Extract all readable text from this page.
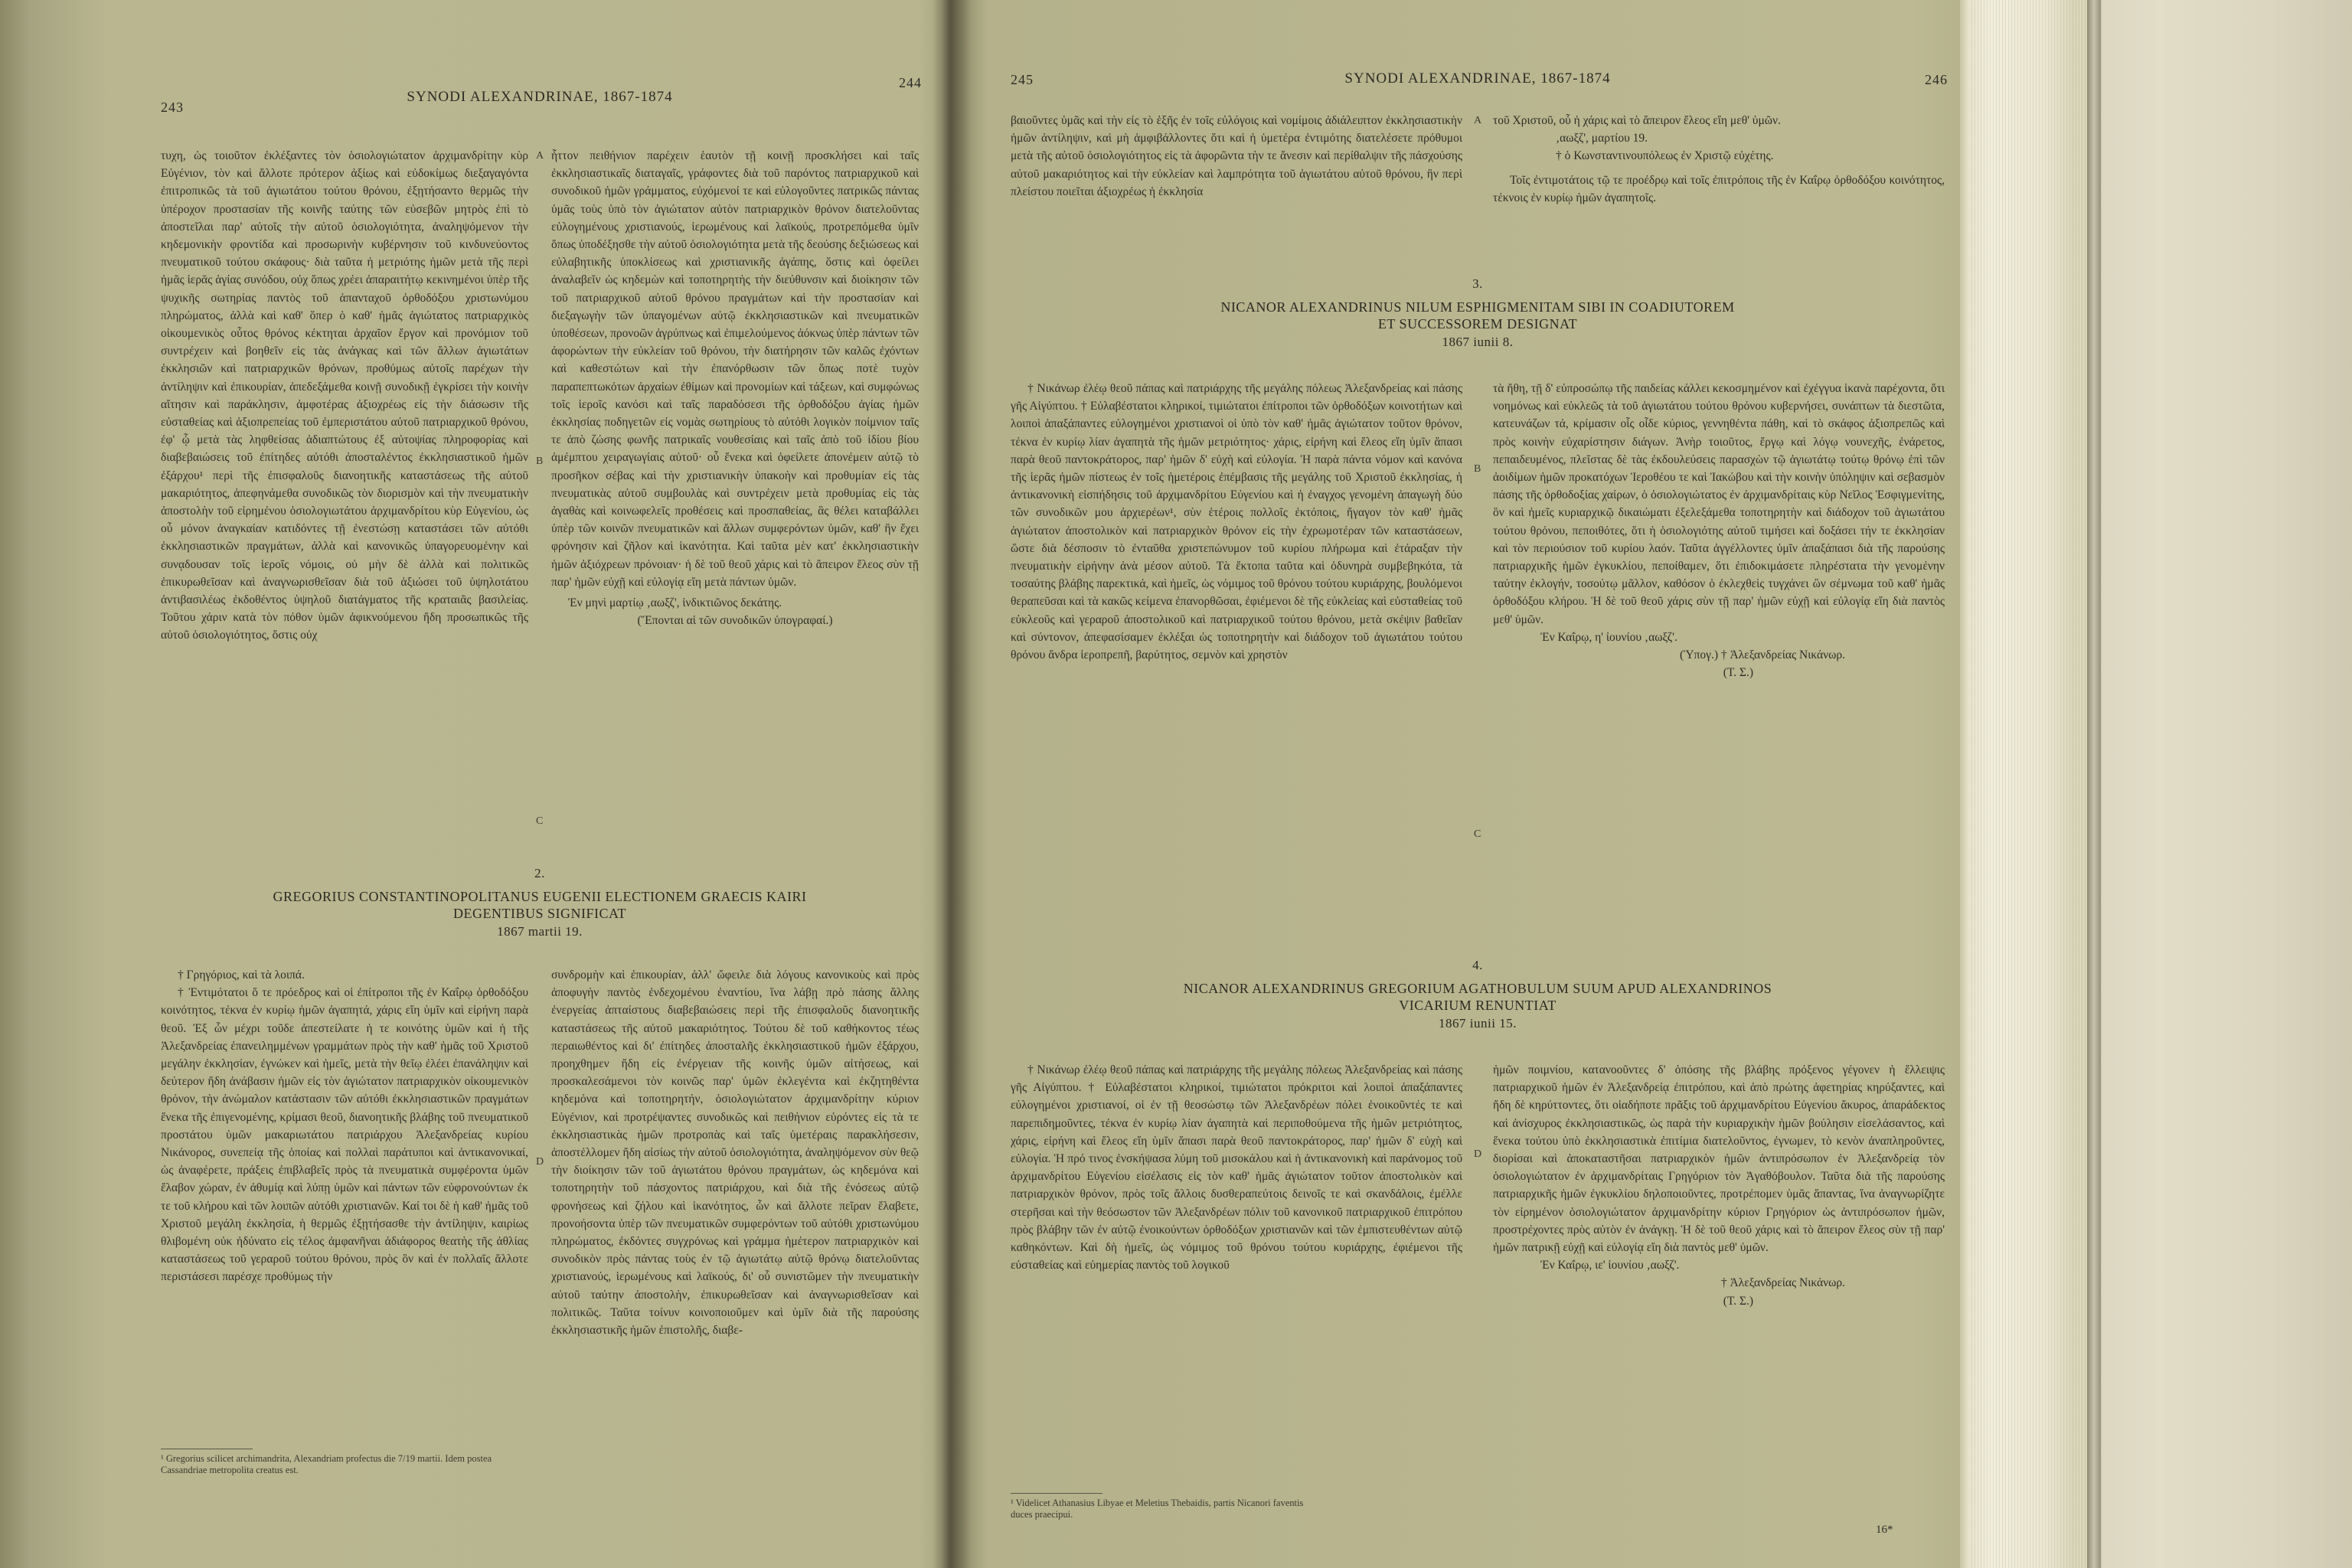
243
SYNODI ALEXANDRINAE, 1867-1874
244

τυχη, ὡς τοιοῦτον ἐκλέξαντες τὸν ὁσιολογιώτατον ἀρχιμανδρίτην κὺρ Εὐγένιον, τὸν καὶ ἄλλοτε πρότερον ἀξίως καὶ εὐδοκίμως διεξαγαγόντα ἐπιτροπικῶς τὰ τοῦ ἁγιωτάτου τούτου θρόνου, ἐξῃτήσαντο θερμῶς τὴν ὑπέροχον προστασίαν τῆς κοινῆς ταύτης τῶν εὐσεβῶν μητρὸς ἐπὶ τὸ ἀποστεῖλαι παρ' αὐτοῖς τὴν αὐτοῦ ὁσιολογιότητα, ἀναληψόμενον τὴν κηδεμονικὴν φροντίδα καὶ προσωρινὴν κυβέρνησιν τοῦ κινδυνεύοντος πνευματικοῦ τούτου σκάφους· διὰ ταῦτα ἡ μετριότης ἡμῶν μετὰ τῆς περὶ ἡμᾶς ἱερᾶς ἁγίας συνόδου, οὐχ ὅπως χρέει ἀπαραιτήτῳ κεκινημένοι ὑπὲρ τῆς ψυχικῆς σωτηρίας παντὸς τοῦ ἁπανταχοῦ ὀρθοδόξου χριστωνύμου πληρώματος, ἀλλὰ καὶ καθ' ὅπερ ὁ καθ' ἡμᾶς ἁγιώτατος πατριαρχικὸς οἰκουμενικὸς οὗτος θρόνος κέκτηται ἀρχαῖον ἔργον καὶ προνόμιον τοῦ συντρέχειν καὶ βοηθεῖν εἰς τὰς ἀνάγκας καὶ τῶν ἄλλων ἁγιωτάτων ἐκκλησιῶν καὶ πατριαρχικῶν θρόνων, προθύμως αὐτοῖς παρέχων τὴν ἀντίληψιν καὶ ἐπικουρίαν, ἀπεδεξάμεθα κοινῇ συνοδικῇ ἐγκρίσει τὴν κοινὴν αἴτησιν καὶ παράκλησιν, ἀμφοτέρας ἀξιοχρέως εἰς τὴν διάσωσιν τῆς εὐσταθείας καὶ ἀξιοπρεπείας τοῦ ἐμπεριστάτου αὐτοῦ πατριαρχικοῦ θρόνου, ἐφ' ᾧ μετὰ τὰς ληφθείσας ἀδιαπτώτους ἐξ αὐτοψίας πληροφορίας καὶ διαβεβαιώσεις τοῦ ἐπίτηδες αὐτόθι ἀποσταλέντος ἐκκλησιαστικοῦ ἡμῶν ἐξάρχου¹ περὶ τῆς ἐπισφαλοῦς διανοητικῆς καταστάσεως τῆς αὐτοῦ μακαριότητος, ἀπεφηνάμεθα συνοδικῶς τὸν διορισμὸν καὶ τὴν πνευματικὴν ἀποστολὴν τοῦ εἰρημένου ὁσιολογιωτάτου ἀρχιμανδρίτου κὺρ Εὐγενίου, ὡς οὗ μόνον ἀναγκαίαν κατιδόντες τῇ ἐνεστώσῃ καταστάσει τῶν αὐτόθι ἐκκλησιαστικῶν πραγμάτων, ἀλλὰ καὶ κανονικῶς ὑπαγορευομένην καὶ συνᾳδουσαν τοῖς ἱεροῖς νόμοις, οὐ μὴν δὲ ἀλλὰ καὶ πολιτικῶς ἐπικυρωθεῖσαν καὶ ἀναγνωρισθεῖσαν διὰ τοῦ ἀξιώσει τοῦ ὑψηλοτάτου ἀντιβασιλέως ἐκδοθέντος ὑψηλοῦ διατάγματος τῆς κραταιᾶς βασιλείας. Τοῦτου χάριν κατὰ τὸν πόθον ὑμῶν ἀφικνούμενου ἤδη προσωπικῶς τῆς αὐτοῦ ὁσιολογιότητος, ὅστις οὐχ

ἧττον πειθήνιον παρέχειν ἑαυτὸν τῇ κοινῇ προσκλήσει καὶ ταῖς ἐκκλησιαστικαῖς διαταγαῖς, γράφοντες διὰ τοῦ παρόντος πατριαρχικοῦ καὶ συνοδικοῦ ἡμῶν γράμματος, εὐχόμενοί τε καὶ εὐλογοῦντες πατρικῶς πάντας ὑμᾶς τοὺς ὑπὸ τὸν ἁγιώτατον αὐτὸν πατριαρχικὸν θρόνον διατελοῦντας εὐλογημένους χριστιανούς, ἱερωμένους καὶ λαϊκούς, προτρεπόμεθα ὑμῖν ὅπως ὑποδέξησθε τὴν αὐτοῦ ὁσιολογιότητα μετὰ τῆς δεούσης δεξιώσεως καὶ εὐλαβητικῆς ὑποκλίσεως καὶ χριστιανικῆς ἀγάπης, ὅστις καὶ ὀφείλει ἀναλαβεῖν ὡς κηδεμὼν καὶ τοποτηρητὴς τὴν διεύθυνσιν καὶ διοίκησιν τῶν τοῦ πατριαρχικοῦ αὐτοῦ θρόνου πραγμάτων καὶ τὴν προστασίαν καὶ διεξαγωγὴν τῶν ὑπαγομένων αὐτῷ ἐκκλησιαστικῶν καὶ πνευματικῶν ὑποθέσεων, προνοῶν ἀγρύπνως καὶ ἐπιμελούμενος ἀόκνως ὑπὲρ πάντων τῶν ἀφορώντων τὴν εὐκλείαν τοῦ θρόνου, τὴν διατήρησιν τῶν καλῶς ἐχόντων καὶ καθεστώτων καὶ τὴν ἐπανόρθωσιν τῶν ὅπως ποτὲ τυχὸν παραπεπτωκότων ἀρχαίων ἐθίμων καὶ προνομίων καὶ τάξεων, καὶ συμφώνως τοῖς ἱεροῖς κανόσι καὶ ταῖς παραδόσεσι τῆς ὀρθοδόξου ἁγίας ἡμῶν ἐκκλησίας ποδηγετῶν εἰς νομὰς σωτηρίους τὸ αὐτόθι λογικὸν ποίμνιον ταῖς τε ἀπὸ ζώσης φωνῆς πατρικαῖς νουθεσίαις καὶ ταῖς ἀπὸ τοῦ ἰδίου βίου ἀμέμπτου χειραγωγίαις αὐτοῦ· οὗ ἕνεκα καὶ ὀφείλετε ἀπονέμειν αὐτῷ τὸ προσῆκον σέβας καὶ τὴν χριστιανικὴν ὑπακοὴν καὶ προθυμίαν εἰς τὰς πνευματικὰς αὐτοῦ συμβουλὰς καὶ συντρέχειν μετὰ προθυμίας εἰς τὰς ἀγαθὰς καὶ κοινωφελεῖς προθέσεις καὶ προσπαθείας, ἃς θέλει καταβάλλει ὑπὲρ τῶν κοινῶν πνευματικῶν καὶ ἄλλων συμφερόντων ὑμῶν, καθ' ἣν ἔχει φρόνησιν καὶ ζῆλον καὶ ἱκανότητα. Καὶ ταῦτα μὲν κατ' ἐκκλησιαστικὴν ἡμῶν ἀξιόχρεων πρόνοιαν· ἡ δὲ τοῦ θεοῦ χάρις καὶ τὸ ἄπειρον ἔλεος σὺν τῇ παρ' ἡμῶν εὐχῇ καὶ εὐλογίᾳ εἴη μετὰ πάντων ὑμῶν.

Ἐν μηνὶ μαρτίῳ ‚αωξζ', ἰνδικτιῶνος δεκάτης.

(Ἕπονται αἱ τῶν συνοδικῶν ὑπογραφαί.)

2.
GREGORIUS CONSTANTINOPOLITANUS EUGENII ELECTIONEM GRAECIS KAIRI
DEGENTIBUS SIGNIFICAT
1867 martii 19.

† Γρηγόριος, καὶ τὰ λοιπά.

† Ἐντιμότατοι ὅ τε πρόεδρος καὶ οἱ ἐπίτροποι τῆς ἐν Καΐρῳ ὀρθοδόξου κοινότητος, τέκνα ἐν κυρίῳ ἡμῶν ἀγαπητά, χάρις εἴη ὑμῖν καὶ εἰρήνη παρὰ θεοῦ. Ἐξ ὧν μέχρι τοῦδε ἀπεστείλατε ἡ τε κοινότης ὑμῶν καὶ ἡ τῆς Ἀλεξανδρείας ἐπανειλημμένων γραμμάτων πρὸς τὴν καθ' ἡμᾶς τοῦ Χριστοῦ μεγάλην ἐκκλησίαν, ἐγνώκεν καὶ ἡμεῖς, μετὰ τὴν θεῖῳ ἐλέει ἐπανάληψιν καὶ δεύτερον ἤδη ἀνάβασιν ἡμῶν εἰς τὸν ἁγιώτατον πατριαρχικὸν οἰκουμενικὸν θρόνον, τὴν ἀνώμαλον κατάστασιν τῶν αὐτόθι ἐκκλησιαστικῶν πραγμάτων ἕνεκα τῆς ἐπιγενομένης, κρίμασι θεοῦ, διανοητικῆς βλάβης τοῦ πνευματικοῦ προστάτου ὑμῶν μακαριωτάτου πατριάρχου Ἀλεξανδρείας κυρίου Νικάνορος, συνεπείᾳ τῆς ὁποίας καὶ πολλαὶ παράτυποι καὶ ἀντικανονικαί, ὡς ἀναφέρετε, πράξεις ἐπιβλαβεῖς πρὸς τὰ πνευματικὰ συμφέροντα ὑμῶν ἔλαβον χώραν, ἐν ἀθυμίᾳ καὶ λύπῃ ὑμῶν καὶ πάντων τῶν εὐφρονούντων ἐκ τε τοῦ κλήρου καὶ τῶν λοιπῶν αὐτόθι χριστιανῶν. Καί τοι δὲ ἡ καθ' ἡμᾶς τοῦ Χριστοῦ μεγάλη ἐκκλησία, ἡ θερμῶς ἐξῃτήσασθε τὴν ἀντίληψιν, καιρίως θλιβομένη οὐκ ἠδύνατο εἰς τέλος ἀμφανῆναι ἀδιάφορος θεατὴς τῆς ἀθλίας καταστάσεως τοῦ γεραροῦ τούτου θρόνου, πρὸς ὃν καὶ ἐν πολλαῖς ἄλλοτε περιστάσεσι παρέσχε προθύμως τὴν

συνδρομὴν καὶ ἐπικουρίαν, ἀλλ' ὤφειλε διὰ λόγους κανονικοὺς καὶ πρὸς ἀποφυγὴν παντὸς ἐνδεχομένου ἐναντίου, ἵνα λάβῃ πρὸ πάσης ἄλλης ἐνεργείας ἀπταίστους διαβεβαιώσεις περὶ τῆς ἐπισφαλοῦς διανοητικῆς καταστάσεως τῆς αὐτοῦ μακαριότητος. Τούτου δὲ τοῦ καθήκοντος τέως περαιωθέντος καὶ δι' ἐπίτηδες ἀποσταλῆς ἐκκλησιαστικοῦ ἡμῶν ἐξάρχου, προηχθημεν ἤδη εἰς ἐνέργειαν τῆς κοινῆς ὑμῶν αἰτήσεως, καὶ προσκαλεσάμενοι τὸν κοινῶς παρ' ὑμῶν ἐκλεγέντα καὶ ἐκζητηθέντα κηδεμόνα καὶ τοποτηρητήν, ὁσιολογιώτατον ἀρχιμανδρίτην κύριον Εὐγένιον, καὶ προτρέψαντες συνοδικῶς καὶ πειθήνιον εὑρόντες εἰς τὰ τε ἐκκλησιαστικὰς ἡμῶν προτροπὰς καὶ ταῖς ὑμετέραις παρακλήσεσιν, ἀποστέλλομεν ἤδη αἰσίως τὴν αὐτοῦ ὁσιολογιότητα, ἀναληψόμενον σὺν θεῷ τὴν διοίκησιν τῶν τοῦ ἁγιωτάτου θρόνου πραγμάτων, ὡς κηδεμόνα καὶ τοποτηρητὴν τοῦ πάσχοντος πατριάρχου, καὶ διὰ τῆς ἐνόσεως αὐτῷ φρονήσεως καὶ ζήλου καὶ ἱκανότητος, ὧν καὶ ἄλλοτε πεῖραν ἔλαβετε, προνοήσοντα ὑπὲρ τῶν πνευματικῶν συμφερόντων τοῦ αὐτόθι χριστωνύμου πληρώματος, ἐκδόντες συγχρόνως καὶ γράμμα ἡμέτερον πατριαρχικὸν καὶ συνοδικὸν πρὸς πάντας τοὺς ἐν τῷ ἁγιωτάτῳ αὐτῷ θρόνῳ διατελοῦντας χριστιανούς, ἱερωμένους καὶ λαϊκούς, δι' οὗ συνιστῶμεν τὴν πνευματικὴν αὐτοῦ ταύτην ἀποστολὴν, ἐπικυρωθεῖσαν καὶ ἀναγνωρισθεῖσαν καὶ πολιτικῶς. Ταῦτα τοίνυν κοινοποιοῦμεν καὶ ὑμῖν διὰ τῆς παρούσης ἐκκλησιαστικῆς ἡμῶν ἐπιστολῆς, διαβε-

¹ Gregorius scilicet archimandrita, Alexandriam profectus die 7/19 martii. Idem postea Cassandriae metropolita creatus est.
A
B
C
D
245	SYNODI ALEXANDRINAE, 1867-1874	246

βαιοῦντες ὑμᾶς καὶ τὴν εἰς τὸ ἑξῆς ἐν τοῖς εὐλόγοις καὶ νομίμοις ἀδιάλειπτον ἐκκλησιαστικὴν ἡμῶν ἀντίληψιν, καὶ μὴ ἀμφιβάλλοντες ὅτι καὶ ἡ ὑμετέρα ἐντιμότης διατελέσετε πρόθυμοι μετὰ τῆς αὐτοῦ ὁσιολογιότητος εἰς τὰ ἀφορῶντα τὴν τε ἄνεσιν καὶ περίθαλψιν τῆς πάσχούσης αὐτοῦ μακαριότητος καὶ τὴν εὐκλείαν καὶ λαμπρότητα τοῦ ἁγιωτάτου αὐτοῦ θρόνου, ἣν περὶ πλείστου ποιεῖται ἀξιοχρέως ἡ ἐκκλησία

τοῦ Χριστοῦ, οὗ ἡ χάρις καὶ τὸ ἄπειρον ἔλεος εἴη μεθ' ὑμῶν.

‚αωξζ', μαρτίου 19.

† ὁ Κωνσταντινουπόλεως ἐν Χριστῷ εὐχέτης.

Τοῖς ἐντιμοτάτοις τῷ τε προέδρῳ καὶ τοῖς ἐπιτρόποις τῆς ἐν Καΐρῳ ὀρθοδόξου κοινότητος, τέκνοις ἐν κυρίῳ ἡμῶν ἀγαπητοῖς.

3.
NICANOR ALEXANDRINUS NILUM ESPHIGMENITAM SIBI IN COADIUTOREM
ET SUCCESSOREM DESIGNAT
1867 iunii 8.

† Νικάνωρ ἐλέῳ θεοῦ πάπας καὶ πατριάρχης τῆς μεγάλης πόλεως Ἀλεξανδρείας καὶ πάσης γῆς Αἰγύπτου. † Εὐλαβέστατοι κληρικοί, τιμιώτατοι ἐπίτροποι τῶν ὀρθοδόξων κοινοτήτων καὶ λοιποὶ ἁπαξάπαντες εὐλογημένοι χριστιανοὶ οἱ ὑπὸ τὸν καθ' ἡμᾶς ἁγιώτατον τοῦτον θρόνον, τέκνα ἐν κυρίῳ λίαν ἀγαπητὰ τῆς ἡμῶν μετριότητος· χάρις, εἰρήνη καὶ ἔλεος εἴη ὑμῖν ἅπασι παρὰ θεοῦ παντοκράτορος, παρ' ἡμῶν δ' εὐχὴ καὶ εὐλογία. Ἡ παρὰ πάντα νόμον καὶ κανόνα τῆς ἱερᾶς ἡμῶν πίστεως ἐν τοῖς ἡμετέροις ἐπέμβασις τῆς μεγάλης τοῦ Χριστοῦ ἐκκλησίας, ἡ ἀντικανονικὴ εἰσπήδησις τοῦ ἀρχιμανδρίτου Εὐγενίου καὶ ἡ ἐναγχος γενομένη ἀπαγωγὴ δύο τῶν συνοδικῶν μου ἀρχιερέων¹, σὺν ἑτέροις πολλοῖς ἐκτόποις, ἤγαγον τὸν καθ' ἡμᾶς ἁγιώτατον ἀποστολικὸν καὶ πατριαρχικὸν θρόνον εἰς τὴν ἐχρωμοτέραν τῶν καταστάσεων, ὥστε διὰ δέσποσιν τὸ ἐνταῦθα χριστεπώνυμον τοῦ κυρίου πλήρωμα καὶ ἐτάραξαν τὴν πνευματικὴν εἰρήνην ἀνὰ μέσον αὐτοῦ. Τὰ ἔκτοπα ταῦτα καὶ ὀδυνηρὰ συμβεβηκότα, τὰ τοσαύτης βλάβης παρεκτικά, καὶ ἡμεῖς, ὡς νόμιμος τοῦ θρόνου τούτου κυριάρχης, βουλόμενοι θεραπεῦσαι καὶ τὰ κακῶς κείμενα ἐπανορθῶσαι, ἐφιέμενοι δὲ τῆς εὐκλείας καὶ εὐσταθείας τοῦ εὐκλεοῦς καὶ γεραροῦ ἀποστολικοῦ καὶ πατριαρχικοῦ τούτου θρόνου, μετὰ σκέψιν βαθεῖαν καὶ σύντονον, ἀπεφασίσαμεν ἐκλέξαι ὡς τοποτηρητὴν καὶ διάδοχον τοῦ ἁγιωτάτου τούτου θρόνου ἄνδρα ἱεροπρεπῆ, βαρύτητος, σεμνὸν καὶ χρηστὸν

τὰ ἤθη, τῇ δ' εὐπροσώπῳ τῆς παιδείας κάλλει κεκοσμημένον καὶ ἐχέγγυα ἱκανὰ παρέχοντα, ὅτι νοημόνως καὶ εὐκλεῶς τὰ τοῦ ἁγιωτάτου τούτου θρόνου κυβερνήσει, συνάπτων τὰ διεστῶτα, κατευνάζων τά, κρίμασιν οἷς οἶδε κύριος, γεννηθέντα πάθη, καὶ τὸ σκάφος ἀξιοπρεπῶς καὶ πρὸς κοινὴν εὐχαρίστησιν διάγων. Ἀνὴρ τοιοῦτος, ἔργῳ καὶ λόγῳ νουνεχῆς, ἐνάρετος, πεπαιδευμένος, πλεῖστας δὲ τὰς ἐκδουλεύσεις παρασχὼν τῷ ἁγιωτάτῳ τούτῳ θρόνῳ ἐπὶ τῶν ἀοιδίμων ἡμῶν προκατόχων Ἱεροθέου τε καὶ Ἰακώβου καὶ τὴν κοινὴν ὑπόληψιν καὶ σεβασμὸν πάσης τῆς ὀρθοδοξίας χαίρων, ὁ ὁσιολογιώτατος ἐν ἀρχιμανδρίταις κὺρ Νεῖλος Ἐσφιγμενίτης, ὃν καὶ ἡμεῖς κυριαρχικῷ δικαιώματι ἐξελεξάμεθα τοποτηρητὴν καὶ διάδοχον τοῦ ἁγιωτάτου τούτου θρόνου, πεποιθότες, ὅτι ἡ ὁσιολογιότης αὐτοῦ τιμήσει καὶ δοξάσει τήν τε ἐκκλησίαν καὶ τὸν περιούσιον τοῦ κυρίου λαόν. Ταῦτα ἀγγέλλοντες ὑμῖν ἁπαξάπασι διὰ τῆς παρούσης πατριαρχικῆς ἡμῶν ἐγκυκλίου, πεποίθαμεν, ὅτι ἐπιδοκιμάσετε πληρέστατα τὴν γενομένην ταύτην ἐκλογήν, τοσούτῳ μᾶλλον, καθόσον ὁ ἐκλεχθεὶς τυγχάνει ὢν σέμνωμα τοῦ καθ' ἡμᾶς ὀρθοδόξου κλήρου. Ἡ δὲ τοῦ θεοῦ χάρις σὺν τῇ παρ' ἡμῶν εὐχῇ καὶ εὐλογίᾳ εἴη διὰ παντὸς μεθ' ὑμῶν.

Ἐν Καΐρῳ, η' ἰουνίου ‚αωξζ'.

(Ὑπογ.) † Ἀλεξανδρείας Νικάνωρ.

(Τ. Σ.)

4.
NICANOR ALEXANDRINUS GREGORIUM AGATHOBULUM SUUM APUD ALEXANDRINOS
VICARIUM RENUNTIAT
1867 iunii 15.

† Νικάνωρ ἐλέῳ θεοῦ πάπας καὶ πατριάρχης τῆς μεγάλης πόλεως Ἀλεξανδρείας καὶ πάσης γῆς Αἰγύπτου. † Εὐλαβέστατοι κληρικοί, τιμιώτατοι πρόκριτοι καὶ λοιποὶ ἁπαξάπαντες εὐλογημένοι χριστιανοί, οἱ ἐν τῇ θεοσώστῳ τῶν Ἀλεξανδρέων πόλει ἐνοικοῦντές τε καὶ παρεπιδημοῦντες, τέκνα ἐν κυρίῳ λίαν ἀγαπητὰ καὶ περιποθούμενα τῆς ἡμῶν μετριότητος, χάρις, εἰρήνη καὶ ἔλεος εἴη ὑμῖν ἅπασι παρὰ θεοῦ παντοκράτορος, παρ' ἡμῶν δ' εὐχὴ καὶ εὐλογία. Ἡ πρό τινος ἐνσκήψασα λύμη τοῦ μισοκάλου καὶ ἡ ἀντικανονικὴ καὶ παράνομος τοῦ ἀρχιμανδρίτου Εὐγενίου εἰσέλασις εἰς τὸν καθ' ἡμᾶς ἁγιώτατον τοῦτον ἀποστολικὸν καὶ πατριαρχικὸν θρόνον, πρὸς τοῖς ἄλλοις δυσθεραπεύτοις δεινοῖς τε καὶ σκανδάλοις, ἐμέλλε στερῆσαι καὶ τὴν θεόσωστον τῶν Ἀλεξανδρέων πόλιν τοῦ κανονικοῦ πατριαρχικοῦ ἐπιτρόπου πρὸς βλάβην τῶν ἐν αὐτῷ ἐνοικούντων ὀρθοδόξων χριστιανῶν καὶ τῶν ἐμπιστευθέντων αὐτῷ καθηκόντων. Καὶ δὴ ἡμεῖς, ὡς νόμιμος τοῦ θρόνου τούτου κυριάρχης, ἐφιέμενοι τῆς εὐσταθείας καὶ εὐημερίας παντὸς τοῦ λογικοῦ

ἡμῶν ποιμνίου, κατανοοῦντες δ' ὁπόσης τῆς βλάβης πρόξενος γέγονεν ἡ ἔλλειψις πατριαρχικοῦ ἡμῶν ἐν Ἀλεξανδρείᾳ ἐπιτρόπου, καὶ ἀπὸ πρώτης ἀφετηρίας κηρύξαντες, καὶ ἤδη δὲ κηρύττοντες, ὅτι οἱαδήποτε πρᾶξις τοῦ ἀρχιμανδρίτου Εὐγενίου ἄκυρος, ἀπαράδεκτος καὶ ἀνίσχυρος ἐκκλησιαστικῶς, ὡς παρὰ τὴν κυριαρχικὴν ἡμῶν βούλησιν εἰσελάσαντος, καὶ ἕνεκα τούτου ὑπὸ ἐκκλησιαστικὰ ἐπιτίμια διατελοῦντος, ἐγνωμεν, τὸ κενὸν ἀναπληροῦντες, διορίσαι καὶ ἀποκαταστῆσαι πατριαρχικὸν ἡμῶν ἀντιπρόσωπον ἐν Ἀλεξανδρείᾳ τὸν ὁσιολογιώτατον ἐν ἀρχιμανδρίταις Γρηγόριον τὸν Ἀγαθόβουλον. Ταῦτα διὰ τῆς παρούσης πατριαρχικῆς ἡμῶν ἐγκυκλίου δηλοποιοῦντες, προτρέπομεν ὑμᾶς ἅπαντας, ἵνα ἀναγνωρίζητε τὸν εἰρημένον ὁσιολογιώτατον ἀρχιμανδρίτην κύριον Γρηγόριον ὡς ἀντιπρόσωπον ἡμῶν, προστρέχοντες πρὸς αὐτὸν ἐν ἀνάγκῃ. Ἡ δὲ τοῦ θεοῦ χάρις καὶ τὸ ἄπειρον ἔλεος σὺν τῇ παρ' ἡμῶν πατρικῇ εὐχῇ καὶ εὐλογίᾳ εἴη διὰ παντὸς μεθ' ὑμῶν.

Ἐν Καΐρῳ, ιε' ἰουνίου ‚αωξζ'.

† Ἀλεξανδρείας Νικάνωρ.

(Τ. Σ.)

¹ Videlicet Athanasius Libyae et Meletius Thebaidis, partis Nicanori faventis duces praecipui.
16*
A
B
C
D
